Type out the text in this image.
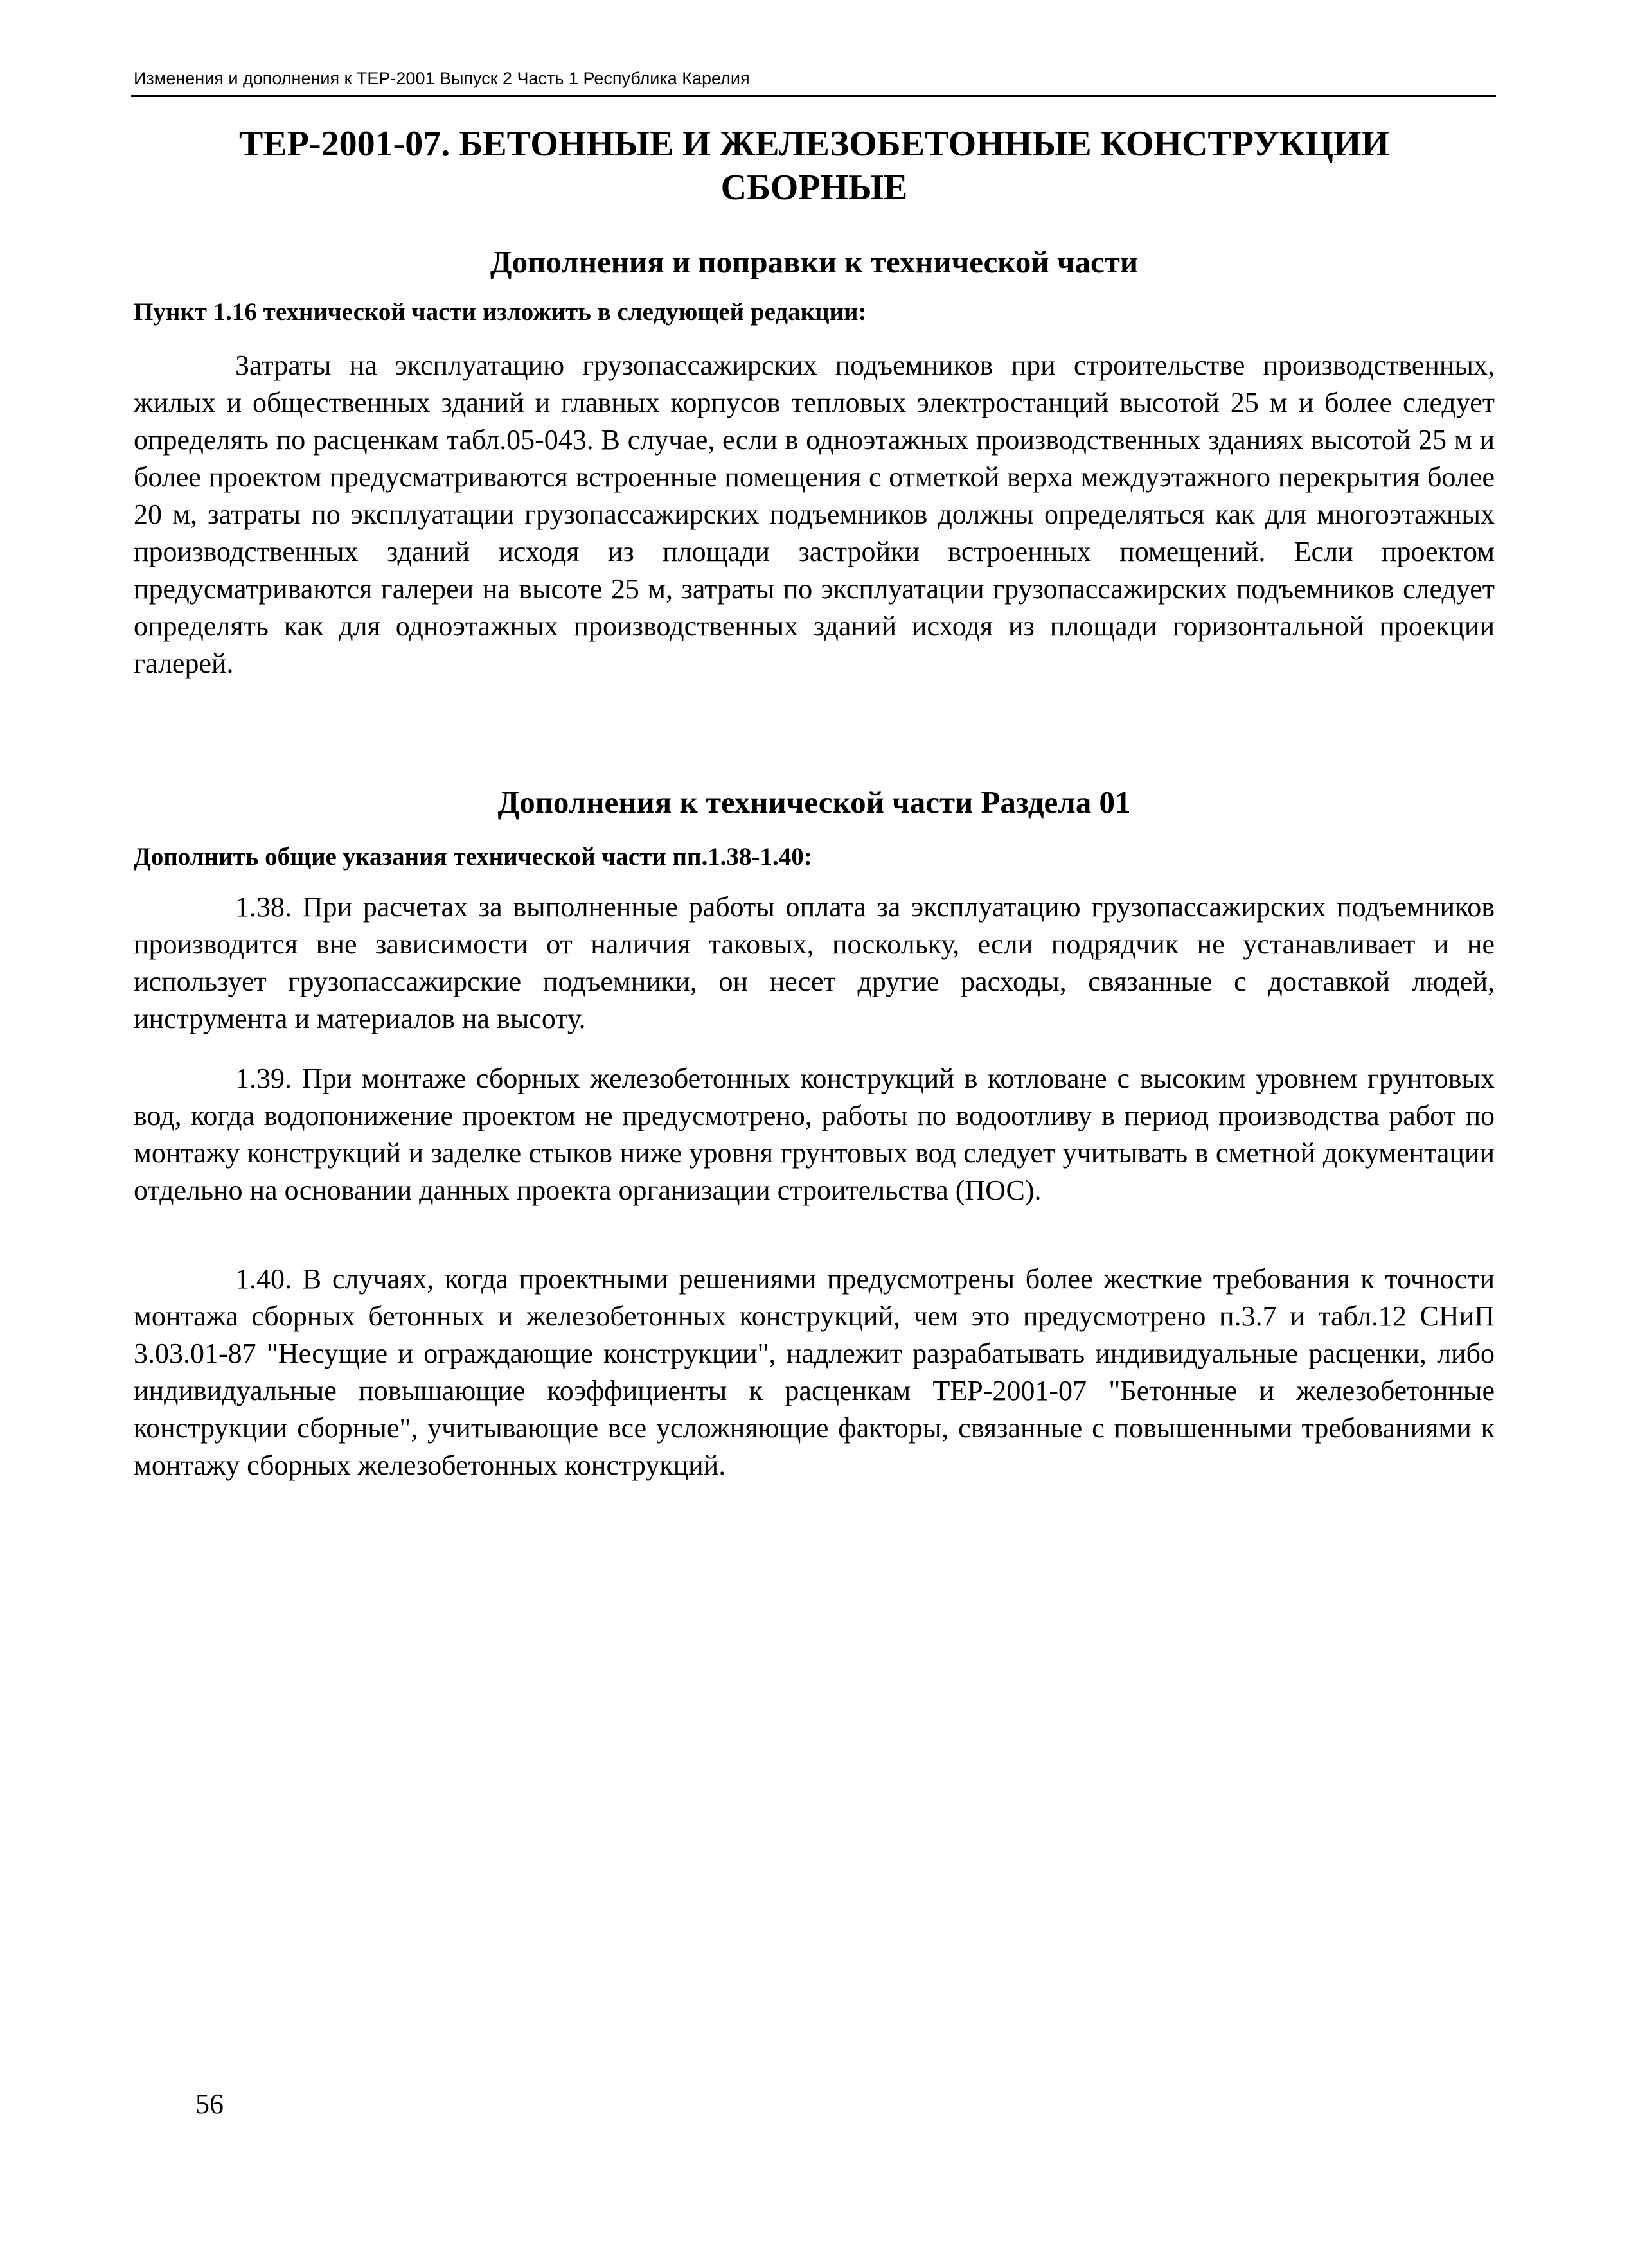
Изменения и дополнения к ТЕР-2001 Выпуск 2 Часть 1 Республика Карелия
ТЕР-2001-07. БЕТОННЫЕ И ЖЕЛЕЗОБЕТОННЫЕ КОНСТРУКЦИИ
СБОРНЫЕ
Дополнения и поправки к технической части
Пункт 1.16 технической части изложить в следующей редакции:

Затраты на эксплуатацию грузопассажирских подъемников при строительстве производственных, жилых и общественных зданий и главных корпусов тепловых электростанций высотой 25 м и более следует определять по расценкам табл.05-043. В случае, если в одноэтажных производственных зданиях высотой 25 м и более проектом предусматриваются встроенные помещения с отметкой верха междуэтажного перекрытия более 20 м, затраты по эксплуатации грузопассажирских подъемников должны определяться как для многоэтажных производственных зданий исходя из площади застройки встроенных помещений. Если проектом предусматриваются галереи на высоте 25 м, затраты по эксплуатации грузопассажирских подъемников следует определять как для одноэтажных производственных зданий исходя из площади горизонтальной проекции галерей.

Дополнения к технической части Раздела 01
Дополнить общие указания технической части пп.1.38-1.40:

1.38. При расчетах за выполненные работы оплата за эксплуатацию грузопассажирских подъемников производится вне зависимости от наличия таковых, поскольку, если подрядчик не устанавливает и не использует грузопассажирские подъемники, он несет другие расходы, связанные с доставкой людей, инструмента и материалов на высоту.

1.39. При монтаже сборных железобетонных конструкций в котловане с высоким уровнем грунтовых вод, когда водопонижение проектом не предусмотрено, работы по водоотливу в период производства работ по монтажу конструкций и заделке стыков ниже уровня грунтовых вод следует учитывать в сметной документации отдельно на основании данных проекта организации строительства (ПОС).

1.40. В случаях, когда проектными решениями предусмотрены более жесткие требования к точности монтажа сборных бетонных и железобетонных конструкций, чем это предусмотрено п.3.7 и табл.12 СНиП 3.03.01-87 "Несущие и ограждающие конструкции", надлежит разрабатывать индивидуальные расценки, либо индивидуальные повышающие коэффициенты к расценкам ТЕР-2001-07 "Бетонные и железобетонные конструкции сборные", учитывающие все усложняющие факторы, связанные с повышенными требованиями к монтажу сборных железобетонных конструкций.

56
